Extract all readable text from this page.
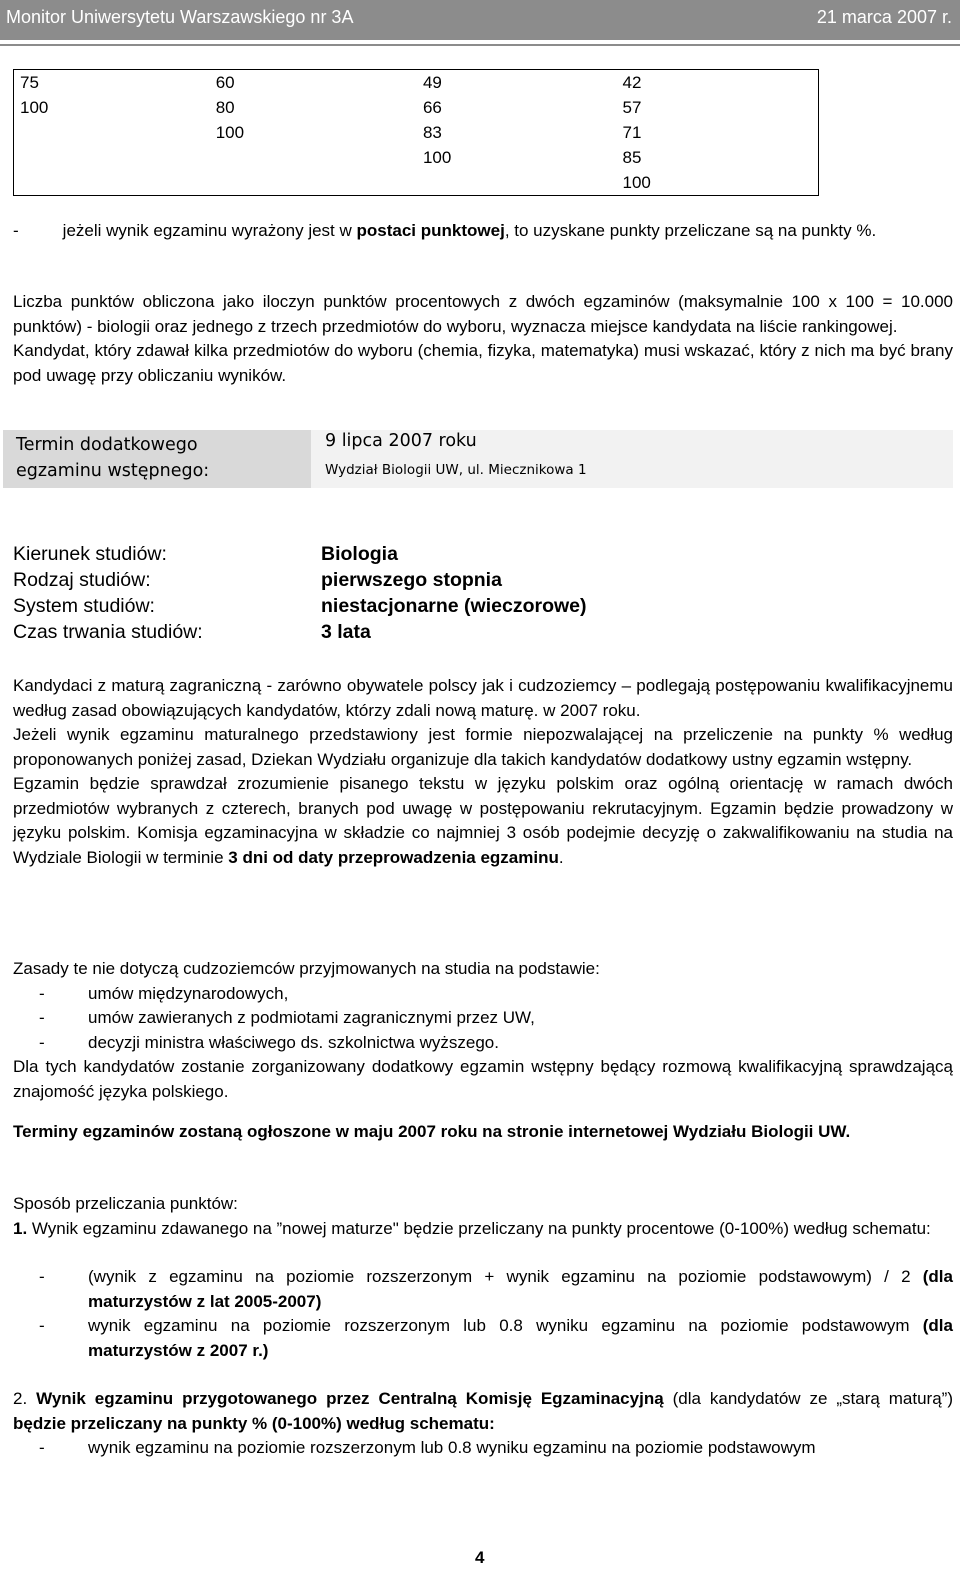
Monitor Uniwersytetu Warszawskiego nr 3A	21 marca 2007 r.
75	60	49	42
100	80	66	57
	100	83	71
		100	85
			100

-	jeżeli wynik egzaminu wyrażony jest w postaci punktowej, to uzyskane punkty przeliczane są na punkty %.

Liczba punktów obliczona jako iloczyn punktów procentowych z dwóch egzaminów (maksymalnie 100 x 100 = 10.000 punktów) - biologii oraz jednego z trzech przedmiotów do wyboru, wyznacza miejsce kandydata na liście rankingowej.

Kandydat, który zdawał kilka przedmiotów do wyboru (chemia, fizyka, matematyka) musi wskazać, który z nich ma być brany pod uwagę przy obliczaniu wyników.

Termin dodatkowego egzaminu wstępnego:
9 lipca 2007 roku
Wydział Biologii UW, ul. Miecznikowa 1
Kierunek studiów:	Biologia
Rodzaj studiów:	pierwszego stopnia
System studiów:	niestacjonarne (wieczorowe)
Czas trwania studiów:	3 lata

Kandydaci z maturą zagraniczną - zarówno obywatele polscy jak i cudzoziemcy – podlegają postępowaniu kwalifikacyjnemu według zasad obowiązujących kandydatów, którzy zdali nową maturę. w 2007 roku.

Jeżeli wynik egzaminu maturalnego przedstawiony jest formie niepozwalającej na przeliczenie na punkty % według proponowanych poniżej zasad, Dziekan Wydziału organizuje dla takich kandydatów dodatkowy ustny egzamin wstępny.

Egzamin będzie sprawdzał zrozumienie pisanego tekstu w języku polskim oraz ogólną orientację w ramach dwóch przedmiotów wybranych z czterech, branych pod uwagę w postępowaniu rekrutacyjnym. Egzamin będzie prowadzony w języku polskim. Komisja egzaminacyjna w składzie co najmniej 3 osób podejmie decyzję o zakwalifikowaniu na studia na Wydziale Biologii w terminie 3 dni od daty przeprowadzenia egzaminu.

Zasady te nie dotyczą cudzoziemców przyjmowanych na studia na podstawie:

-	umów międzynarodowych,
-	umów zawieranych z podmiotami zagranicznymi przez UW,
-	decyzji ministra właściwego ds. szkolnictwa wyższego.

Dla tych kandydatów zostanie zorganizowany dodatkowy egzamin wstępny będący rozmową kwalifikacyjną sprawdzającą znajomość języka polskiego.

Terminy egzaminów zostaną ogłoszone w maju 2007 roku na stronie internetowej Wydziału Biologii UW.

Sposób przeliczania punktów:

1. Wynik egzaminu zdawanego na ”nowej maturze" będzie przeliczany na punkty procentowe (0-100%) według schematu:

-	(wynik z egzaminu na poziomie rozszerzonym + wynik egzaminu na poziomie podstawowym) / 2 (dla maturzystów z lat 2005-2007)
-	wynik egzaminu na poziomie rozszerzonym lub 0.8 wyniku egzaminu na poziomie podstawowym (dla maturzystów z 2007 r.)

2. Wynik egzaminu przygotowanego przez Centralną Komisję Egzaminacyjną (dla kandydatów ze „starą maturą”) będzie przeliczany na punkty % (0-100%) według schematu:

-	wynik egzaminu na poziomie rozszerzonym lub 0.8 wyniku egzaminu na poziomie podstawowym
4
